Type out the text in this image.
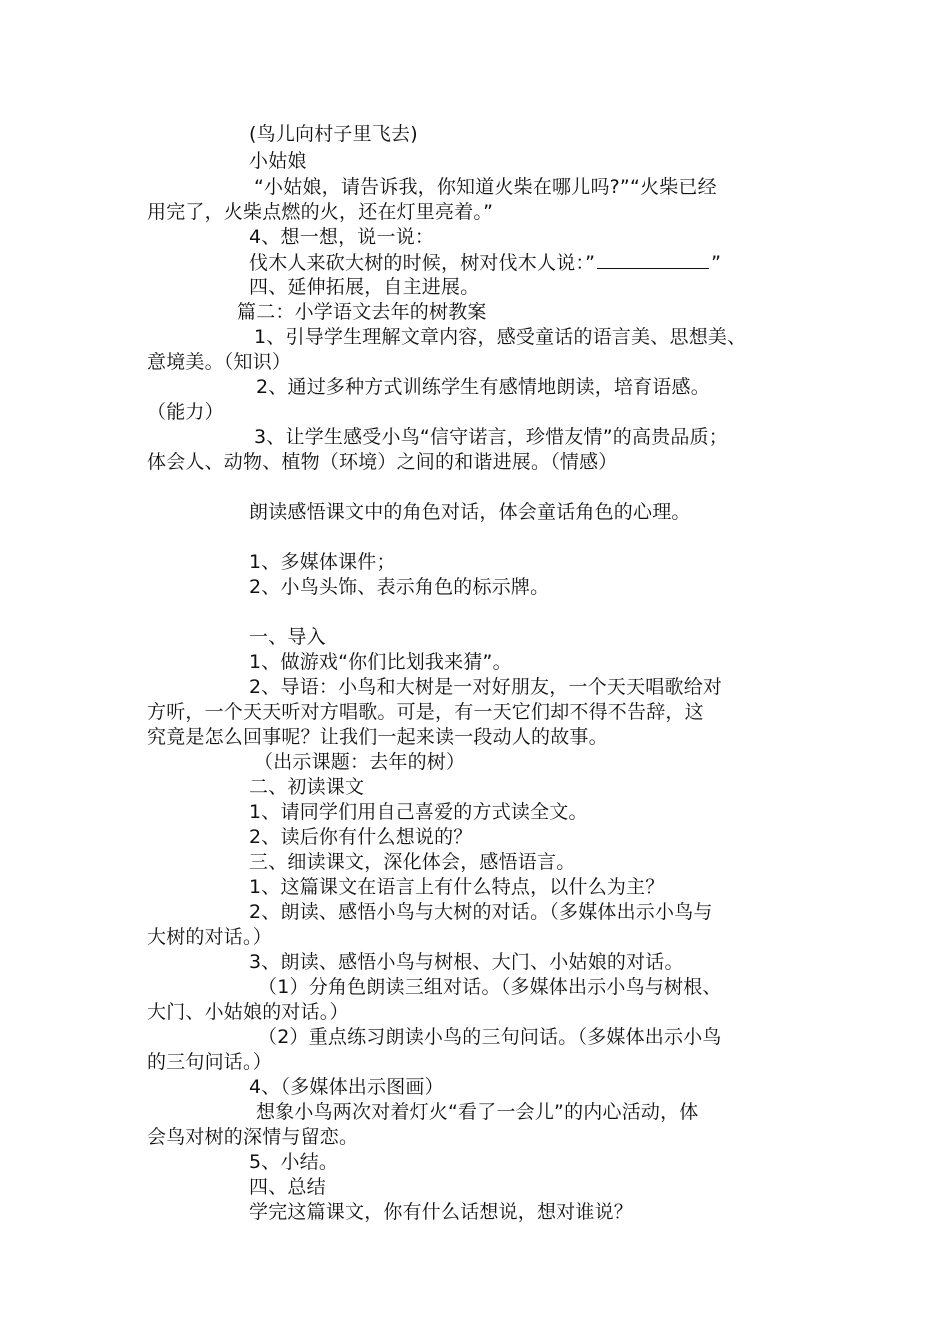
(鸟儿向村子里飞去)
小姑娘
“小姑娘，请告诉我，你知道火柴在哪儿吗?”“火柴已经
用完了，火柴点燃的火，还在灯里亮着。”
4、想一想，说一说：
伐木人来砍大树的时候，树对伐木人说：”	”
四、延伸拓展，自主进展。
篇二：小学语文去年的树教案
1、引导学生理解文章内容，感受童话的语言美、思想美、
意境美。（知识）
2、通过多种方式训练学生有感情地朗读，培育语感。
（能力）
3、让学生感受小鸟“信守诺言，珍惜友情”的高贵品质；
体会人、动物、植物（环境）之间的和谐进展。（情感）
朗读感悟课文中的角色对话，体会童话角色的心理。
1、多媒体课件；
2、小鸟头饰、表示角色的标示牌。
一、导入
1、做游戏“你们比划我来猜”。
2、导语：小鸟和大树是一对好朋友，一个天天唱歌给对
方听，一个天天听对方唱歌。可是，有一天它们却不得不告辞，这
究竟是怎么回事呢？让我们一起来读一段动人的故事。
（出示课题：去年的树）
二、初读课文
1、请同学们用自己喜爱的方式读全文。
2、读后你有什么想说的？
三、细读课文，深化体会，感悟语言。
1、这篇课文在语言上有什么特点，以什么为主？
2、朗读、感悟小鸟与大树的对话。（多媒体出示小鸟与
大树的对话。）
3、朗读、感悟小鸟与树根、大门、小姑娘的对话。
（1）分角色朗读三组对话。（多媒体出示小鸟与树根、
大门、小姑娘的对话。）
（2）重点练习朗读小鸟的三句问话。（多媒体出示小鸟
的三句问话。）
4、（多媒体出示图画）
想象小鸟两次对着灯火“看了一会儿”的内心活动，体
会鸟对树的深情与留恋。
5、小结。
四、总结
学完这篇课文，你有什么话想说，想对谁说？
